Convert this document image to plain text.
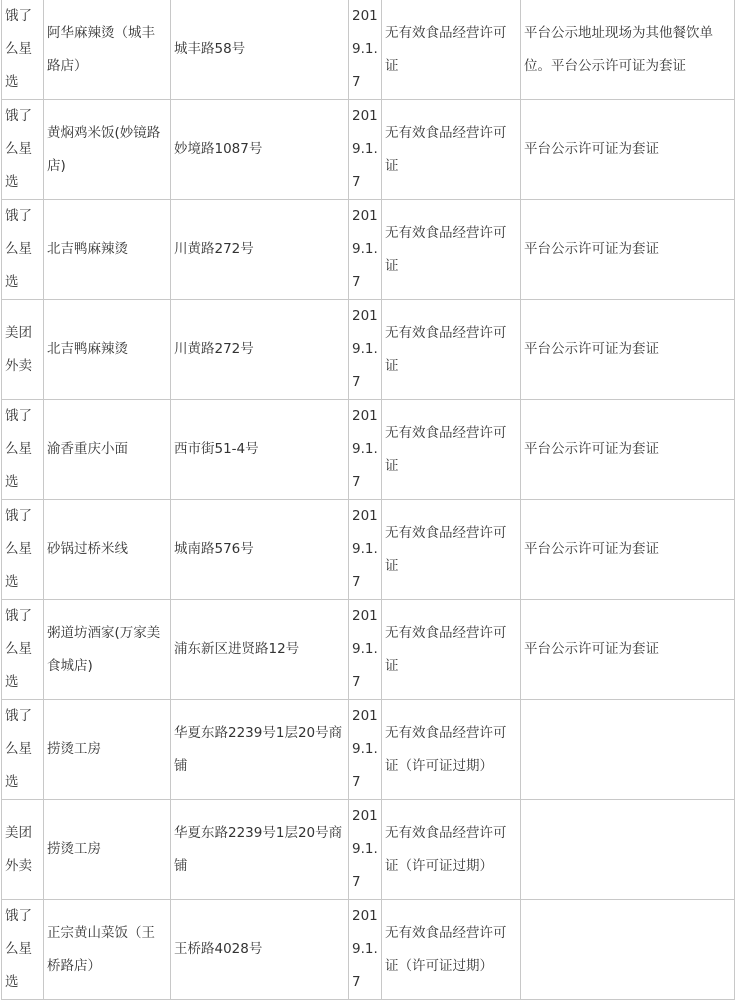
饿了么星选	阿华麻辣烫（城丰路店）	城丰路58号	2019.1.7	无有效食品经营许可证	平台公示地址现场为其他餐饮单位。平台公示许可证为套证
饿了么星选	黄焖鸡米饭(妙镜路店)	妙境路1087号	2019.1.7	无有效食品经营许可证	平台公示许可证为套证
饿了么星选	北吉鸭麻辣烫	川黄路272号	2019.1.7	无有效食品经营许可证	平台公示许可证为套证
美团外卖	北吉鸭麻辣烫	川黄路272号	2019.1.7	无有效食品经营许可证	平台公示许可证为套证
饿了么星选	渝香重庆小面	西市街51-4号	2019.1.7	无有效食品经营许可证	平台公示许可证为套证
饿了么星选	砂锅过桥米线	城南路576号	2019.1.7	无有效食品经营许可证	平台公示许可证为套证
饿了么星选	粥道坊酒家(万家美食城店)	浦东新区进贤路12号	2019.1.7	无有效食品经营许可证	平台公示许可证为套证
饿了么星选	捞烫工房	华夏东路2239号1层20号商铺	2019.1.7	无有效食品经营许可证（许可证过期）	
美团外卖	捞烫工房	华夏东路2239号1层20号商铺	2019.1.7	无有效食品经营许可证（许可证过期）	
饿了么星选	正宗黄山菜饭（王桥路店）	王桥路4028号	2019.1.7	无有效食品经营许可证（许可证过期）	
